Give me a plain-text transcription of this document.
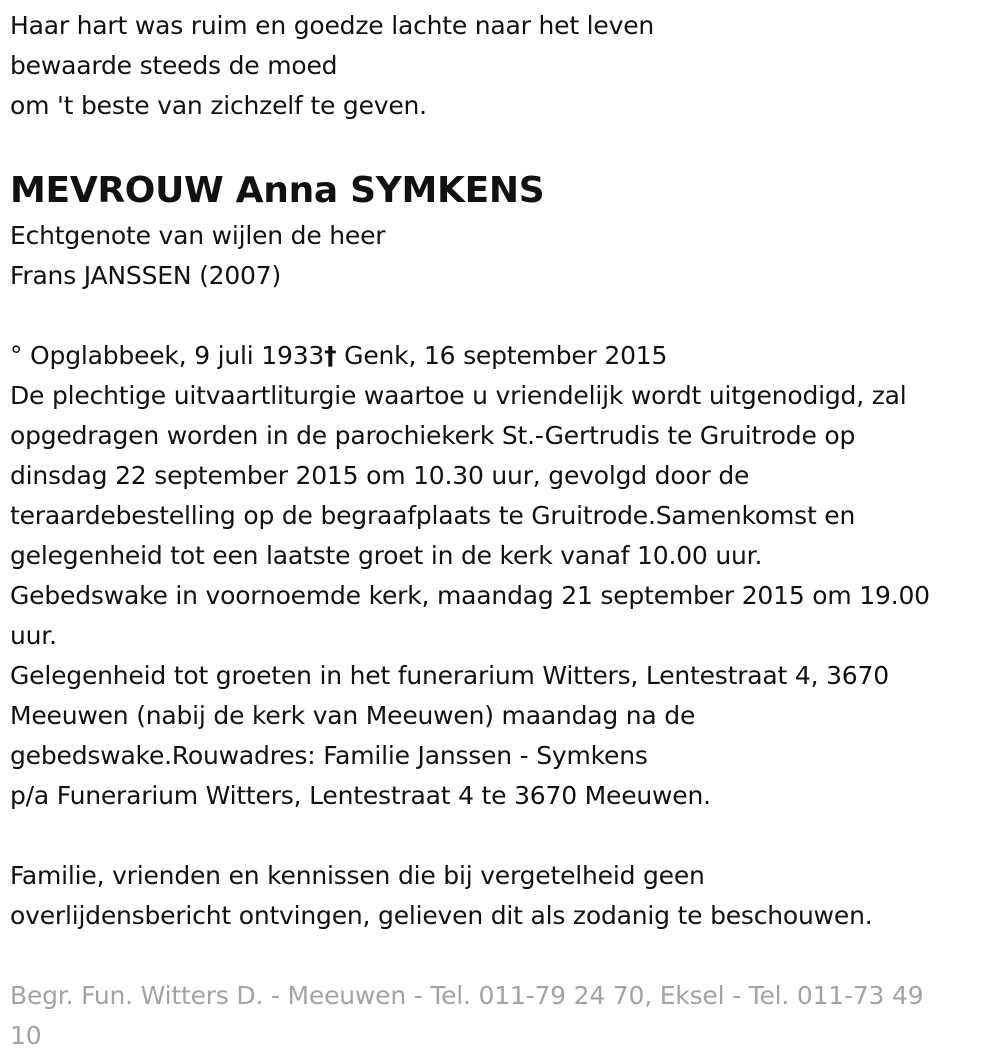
Haar hart was ruim en goedze lachte naar het leven
bewaarde steeds de moed
om 't beste van zichzelf te geven.
MEVROUW Anna SYMKENS
Echtgenote van wijlen de heer
Frans JANSSEN (2007)
° Opglabbeek, 9 juli 1933† Genk, 16 september 2015
De plechtige uitvaartliturgie waartoe u vriendelijk wordt uitgenodigd, zal
opgedragen worden in de parochiekerk St.-Gertrudis te Gruitrode op
dinsdag 22 september 2015 om 10.30 uur, gevolgd door de
teraardebestelling op de begraafplaats te Gruitrode.Samenkomst en
gelegenheid tot een laatste groet in de kerk vanaf 10.00 uur.
Gebedswake in voornoemde kerk, maandag 21 september 2015 om 19.00
uur.
Gelegenheid tot groeten in het funerarium Witters, Lentestraat 4, 3670
Meeuwen (nabij de kerk van Meeuwen) maandag na de
gebedswake.Rouwadres: Familie Janssen - Symkens
p/a Funerarium Witters, Lentestraat 4 te 3670 Meeuwen.
Familie, vrienden en kennissen die bij vergetelheid geen
overlijdensbericht ontvingen, gelieven dit als zodanig te beschouwen.
Begr. Fun. Witters D. - Meeuwen - Tel. 011-79 24 70, Eksel - Tel. 011-73 49
10
